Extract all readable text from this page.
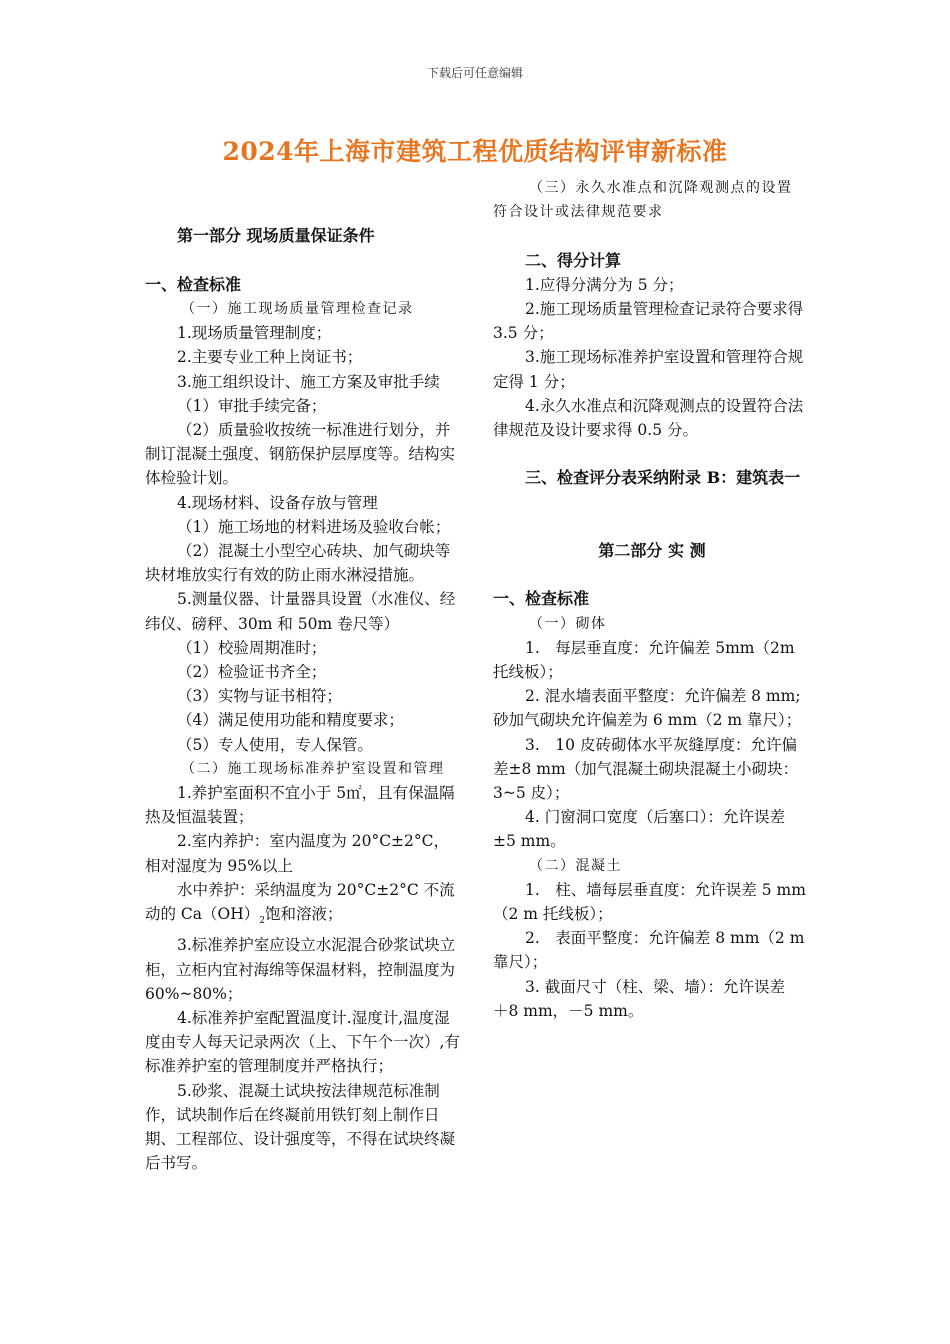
下载后可任意编辑
2024年上海市建筑工程优质结构评审新标准

第一部分 现场质量保证条件

一、检查标准

（一）施工现场质量管理检查记录

1.现场质量管理制度；

2.主要专业工种上岗证书；

3.施工组织设计、施工方案及审批手续

（1）审批手续完备；

（2）质量验收按统一标准进行划分，并制订混凝土强度、钢筋保护层厚度等。结构实体检验计划。

4.现场材料、设备存放与管理

（1）施工场地的材料进场及验收台帐；

（2）混凝土小型空心砖块、加气砌块等块材堆放实行有效的防止雨水淋浸措施。

5.测量仪器、计量器具设置（水准仪、经纬仪、磅秤、30m 和 50m 卷尺等）

（1）校验周期准时；

（2）检验证书齐全；

（3）实物与证书相符；

（4）满足使用功能和精度要求；

（5）专人使用，专人保管。

（二）施工现场标准养护室设置和管理

1.养护室面积不宜小于 5㎡，且有保温隔热及恒温装置；

2.室内养护：室内温度为 20°C±2°C，相对湿度为 95%以上

水中养护：采纳温度为 20°C±2°C 不流动的 $Ca(OH)_2$饱和溶液；

3.标准养护室应设立水泥混合砂浆试块立柜，立柜内宜衬海绵等保温材料，控制温度为 60%~80%；

4.标准养护室配置温度计.湿度计,温度湿度由专人每天记录两次（上、下午个一次）,有标准养护室的管理制度并严格执行；

5.砂浆、混凝土试块按法律规范标准制作，试块制作后在终凝前用铁钉刻上制作日期、工程部位、设计强度等，不得在试块终凝后书写。

（三）永久水准点和沉降观测点的设置

符合设计或法律规范要求

二、得分计算

1.应得分满分为 5 分；

2.施工现场质量管理检查记录符合要求得 3.5 分；

3.施工现场标准养护室设置和管理符合规定得 1 分；

4.永久水准点和沉降观测点的设置符合法律规范及设计要求得 0.5 分。

三、检查评分表采纳附录 B：建筑表一

第二部分 实 测

一、检查标准

（一）砌体

1.　每层垂直度：允许偏差 5mm（2m 托线板）；

2. 混水墙表面平整度：允许偏差 8 mm;

砂加气砌块允许偏差为 6 mm（2 m 靠尺）；

3.　10 皮砖砌体水平灰缝厚度：允许偏

差±8 mm（加气混凝土砌块混凝土小砌块：3~5 皮）；

4. 门窗洞口宽度（后塞口）：允许误差

±5 mm。

（二）混凝土

1.　柱、墙每层垂直度：允许误差 5 mm

（2 m 托线板）；

2.　表面平整度：允许偏差 8 mm（2 m

靠尺）；

3. 截面尺寸（柱、梁、墙）：允许误差

＋8 mm，－5 mm。
